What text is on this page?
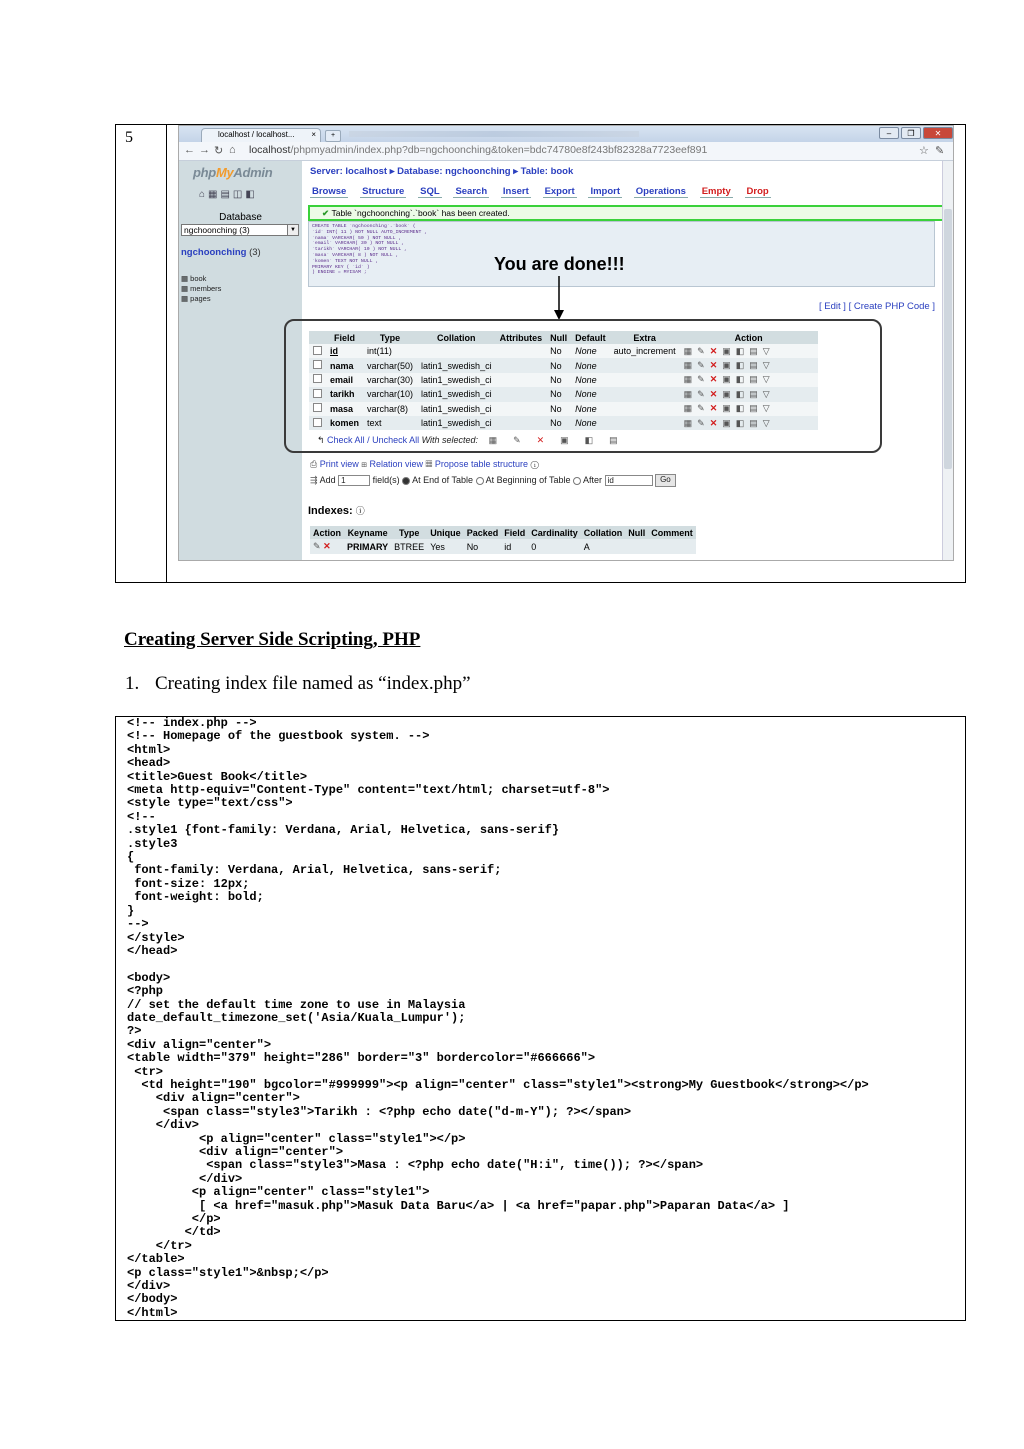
5	localhost / localhost... ×	+	–	❐	✕
← → ↻ ⌂ localhost/phpmyadmin/index.php?db=ngchoonching&token=bdc74780e8f243bf82328a7723eef891	☆ ✎
phpMyAdmin
⌂▦▤◫◧
Database
ngchoonching (3)	▼
ngchoonching (3)
▦ book
▦ members
▦ pages
Server: localhost ▸ Database: ngchoonching ▸ Table: book
Browse Structure SQL Search Insert Export Import Operations Empty Drop
✔ Table `ngchoonching`.`book` has been created.
CREATE TABLE `ngchoonching`.`book` (
`id` INT( 11 ) NOT NULL AUTO_INCREMENT ,
`nama` VARCHAR( 50 ) NOT NULL ,
`email` VARCHAR( 30 ) NOT NULL ,
`tarikh` VARCHAR( 10 ) NOT NULL ,
`masa` VARCHAR( 8 ) NOT NULL ,
`komen` TEXT NOT NULL ,
PRIMARY KEY ( `id` )
) ENGINE = MYISAM ;	You are done!!!
[ Edit ] [ Create PHP Code ]
	Field	Type	Collation	Attributes	Null	Default	Extra	Action
	id	int(11)			No	None	auto_increment	▦✎✕▣◧▤▽
	nama	varchar(50)	latin1_swedish_ci		No	None		▦✎✕▣◧▤▽
	email	varchar(30)	latin1_swedish_ci		No	None		▦✎✕▣◧▤▽
	tarikh	varchar(10)	latin1_swedish_ci		No	None		▦✎✕▣◧▤▽
	masa	varchar(8)	latin1_swedish_ci		No	None		▦✎✕▣◧▤▽
	komen	text	latin1_swedish_ci		No	None		▦✎✕▣◧▤▽
↰ Check All / Uncheck All With selected: ▦✎✕▣◧▤
⎙ Print view ⊞ Relation view ▦ Propose table structure ⓘ
⇶ Add 1	field(s) At End of Table At Beginning of Table After id	Go
Indexes: ⓘ
Action	Keyname	Type	Unique	Packed	Field	Cardinality	Collation	Null	Comment
✎ ✕	PRIMARY	BTREE	Yes	No	id	0	A		
Creating Server Side Scripting, PHP
1. Creating index file named as “index.php”
<!-- index.php -->
<!-- Homepage of the guestbook system. -->
<html>
<head>
<title>Guest Book</title>
<meta http-equiv="Content-Type" content="text/html; charset=utf-8">
<style type="text/css">
<!--
.style1 {font-family: Verdana, Arial, Helvetica, sans-serif}
.style3
{
font-family: Verdana, Arial, Helvetica, sans-serif;
font-size: 12px;
font-weight: bold;
}
-->
</style>
</head>

<body>
<?php
// set the default time zone to use in Malaysia
date_default_timezone_set('Asia/Kuala_Lumpur');
?>
<div align="center">
<table width="379" height="286" border="3" bordercolor="#666666">
<tr>
<td height="190" bgcolor="#999999"><p align="center" class="style1"><strong>My Guestbook</strong></p>
<div align="center">
<span class="style3">Tarikh : <?php echo date("d-m-Y"); ?></span>
</div>
<p align="center" class="style1"></p>
<div align="center">
<span class="style3">Masa : <?php echo date("H:i", time()); ?></span>
</div>
<p align="center" class="style1">
[ <a href="masuk.php">Masuk Data Baru</a> | <a href="papar.php">Paparan Data</a> ]
</p>
</td>
</tr>
</table>
<p class="style1">&nbsp;</p>
</div>
</body>
</html>
